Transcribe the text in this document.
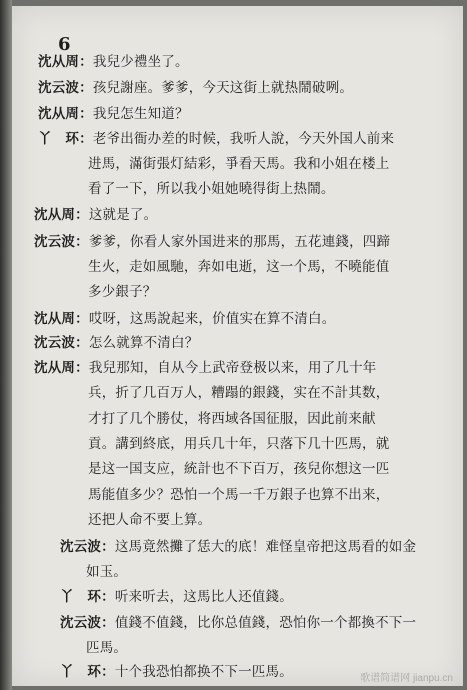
6
沈从周：我兒少禮坐了。
沈云波：孩兒謝座。爹爹，今天这街上就热鬧破咧。
沈从周：我兒怎生知道？
丫　环：老爷出衙办差的时候，我听人說，今天外国人前来
进馬，滿街張灯結彩，爭看天馬。我和小姐在楼上
看了一下，所以我小姐她曉得街上热鬧。
沈从周：这就是了。
沈云波：爹爹，你看人家外国进来的那馬，五花連錢，四蹄
生火，走如風馳，奔如电逝，这一个馬，不曉能值
多少銀子？
沈从周：哎呀，这馬說起来，价值实在算不清白。
沈云波：怎么就算不清白？
沈从周：我兒那知，自从今上武帝登极以来，用了几十年
兵，折了几百万人，糟蹋的銀錢，实在不計其数，
才打了几个勝仗，将西域各国征服，因此前来献
貢。講到終底，用兵几十年，只落下几十匹馬，就
是这一国支应，統計也不下百万，孩兒你想这一匹
馬能值多少？恐怕一个馬一千万銀子也算不出来，
还把人命不要上算。
沈云波：这馬竟然攤了恁大的底！难怪皇帝把这馬看的如金
如玉。
丫　环：听来听去，这馬比人还值錢。
沈云波：值錢不值錢，比你总值錢，恐怕你一个都換不下一
匹馬。
丫　环：十个我恐怕都换不下一匹馬。	歌谱简谱网 jianpu.cn
